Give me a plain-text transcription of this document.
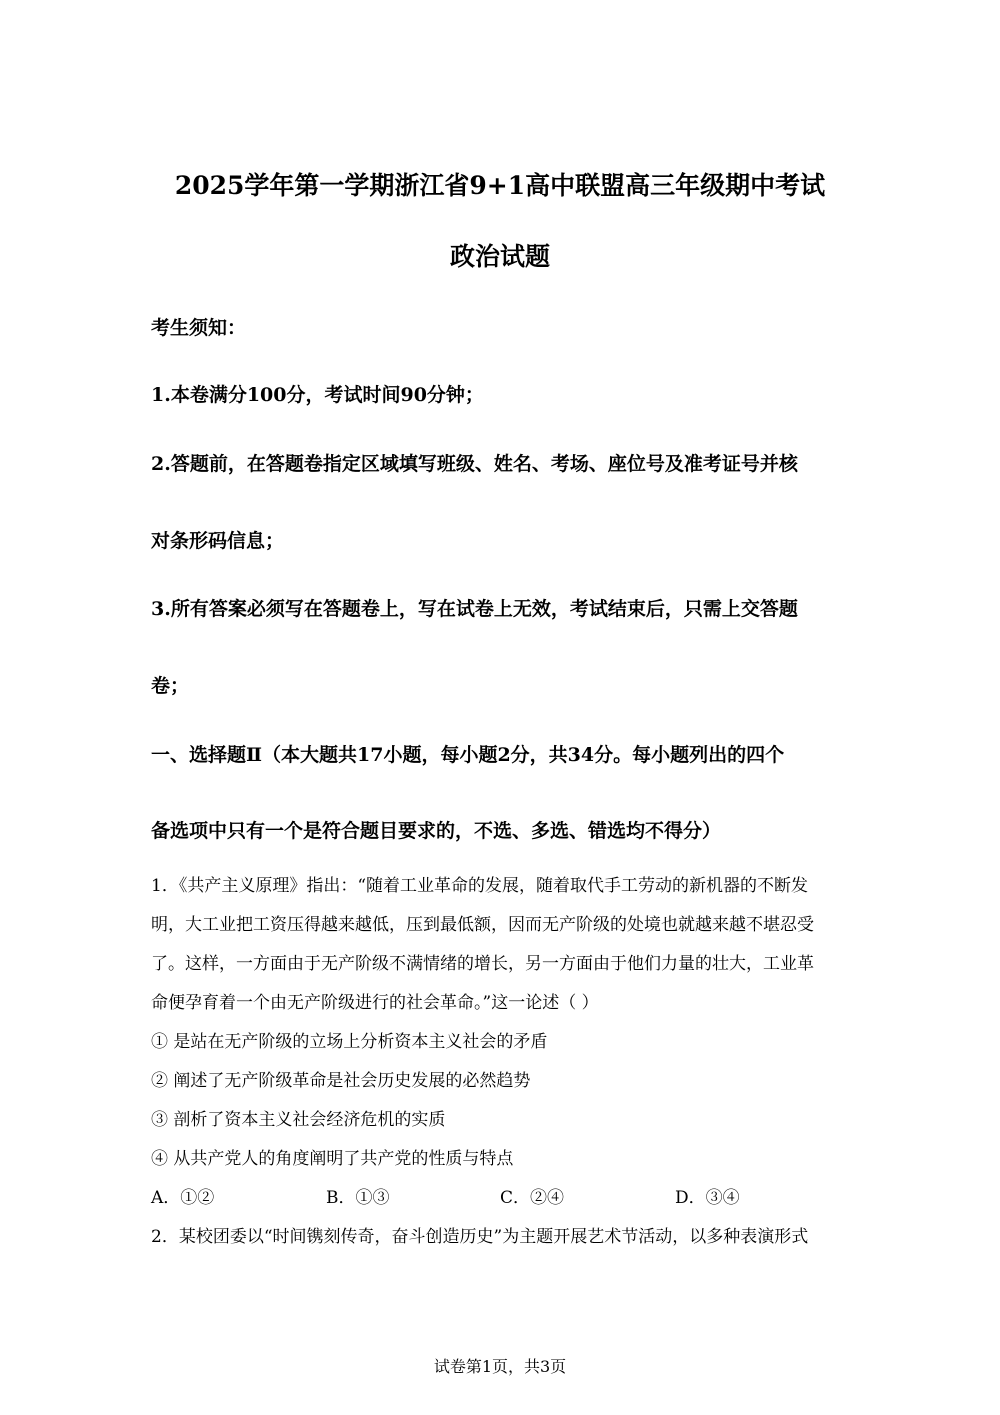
2025学年第一学期浙江省9+1高中联盟高三年级期中考试
政治试题
考生须知：
1.本卷满分100分，考试时间90分钟；
2.答题前，在答题卷指定区域填写班级、姓名、考场、座位号及准考证号并核
对条形码信息；
3.所有答案必须写在答题卷上，写在试卷上无效，考试结束后，只需上交答题
卷；
一、选择题Ⅱ（本大题共17小题，每小题2分，共34分。每小题列出的四个
备选项中只有一个是符合题目要求的，不选、多选、错选均不得分）
1．《共产主义原理》指出：“随着工业革命的发展，随着取代手工劳动的新机器的不断发
明，大工业把工资压得越来越低，压到最低额，因而无产阶级的处境也就越来越不堪忍受
了。这样，一方面由于无产阶级不满情绪的增长，另一方面由于他们力量的壮大，工业革
命便孕育着一个由无产阶级进行的社会革命。”这一论述（ ）
① 是站在无产阶级的立场上分析资本主义社会的矛盾
② 阐述了无产阶级革命是社会历史发展的必然趋势
③ 剖析了资本主义社会经济危机的实质
④ 从共产党人的角度阐明了共产党的性质与特点
A．①②	B．①③	C．②④	D．③④
2．某校团委以“时间镌刻传奇，奋斗创造历史”为主题开展艺术节活动，以多种表演形式
试卷第1页，共3页
